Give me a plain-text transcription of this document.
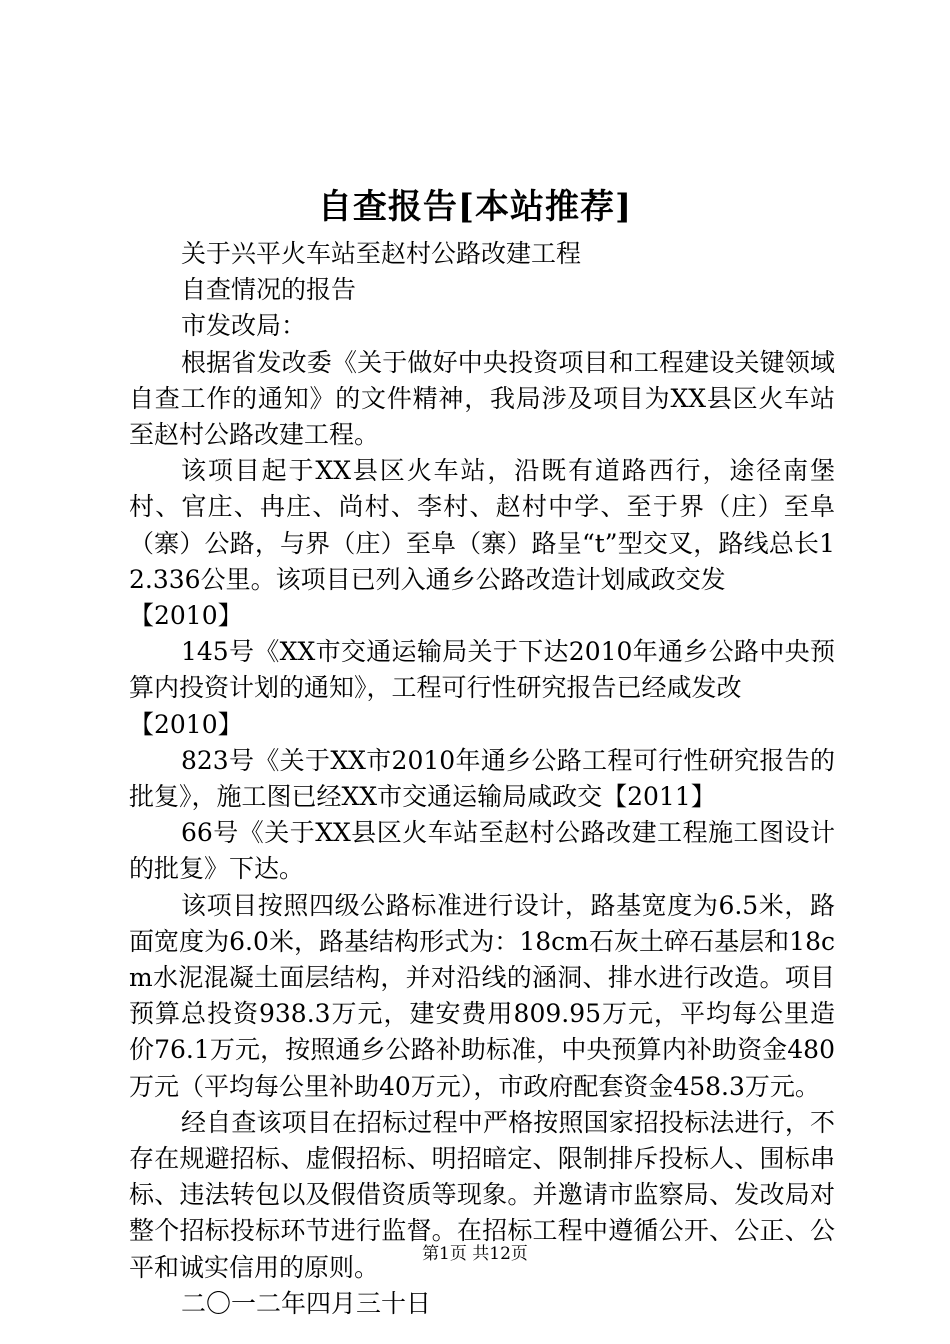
自查报告[本站推荐]

关于兴平火车站至赵村公路改建工程

自查情况的报告

市发改局：

根据省发改委《关于做好中央投资项目和工程建设关键领域自查工作的通知》的文件精神，我局涉及项目为XX县区火车站至赵村公路改建工程。

该项目起于XX县区火车站，沿既有道路西行，途径南堡村、官庄、冉庄、尚村、李村、赵村中学、至于界（庄）至阜（寨）公路，与界（庄）至阜（寨）路呈“t”型交叉，路线总长12.336公里。该项目已列入通乡公路改造计划咸政交发

【2010】

145号《XX市交通运输局关于下达2010年通乡公路中央预算内投资计划的通知》，工程可行性研究报告已经咸发改

【2010】

823号《关于XX市2010年通乡公路工程可行性研究报告的批复》，施工图已经XX市交通运输局咸政交【2011】

66号《关于XX县区火车站至赵村公路改建工程施工图设计的批复》下达。

该项目按照四级公路标准进行设计，路基宽度为6.5米，路面宽度为6.0米，路基结构形式为：18cm石灰土碎石基层和18cm水泥混凝土面层结构，并对沿线的涵洞、排水进行改造。项目预算总投资938.3万元，建安费用809.95万元，平均每公里造价76.1万元，按照通乡公路补助标准，中央预算内补助资金480万元（平均每公里补助40万元），市政府配套资金458.3万元。

经自查该项目在招标过程中严格按照国家招投标法进行，不存在规避招标、虚假招标、明招暗定、限制排斥投标人、围标串标、违法转包以及假借资质等现象。并邀请市监察局、发改局对整个招标投标环节进行监督。在招标工程中遵循公开、公正、公平和诚实信用的原则。

二〇一二年四月三十日

第1页 共12页
